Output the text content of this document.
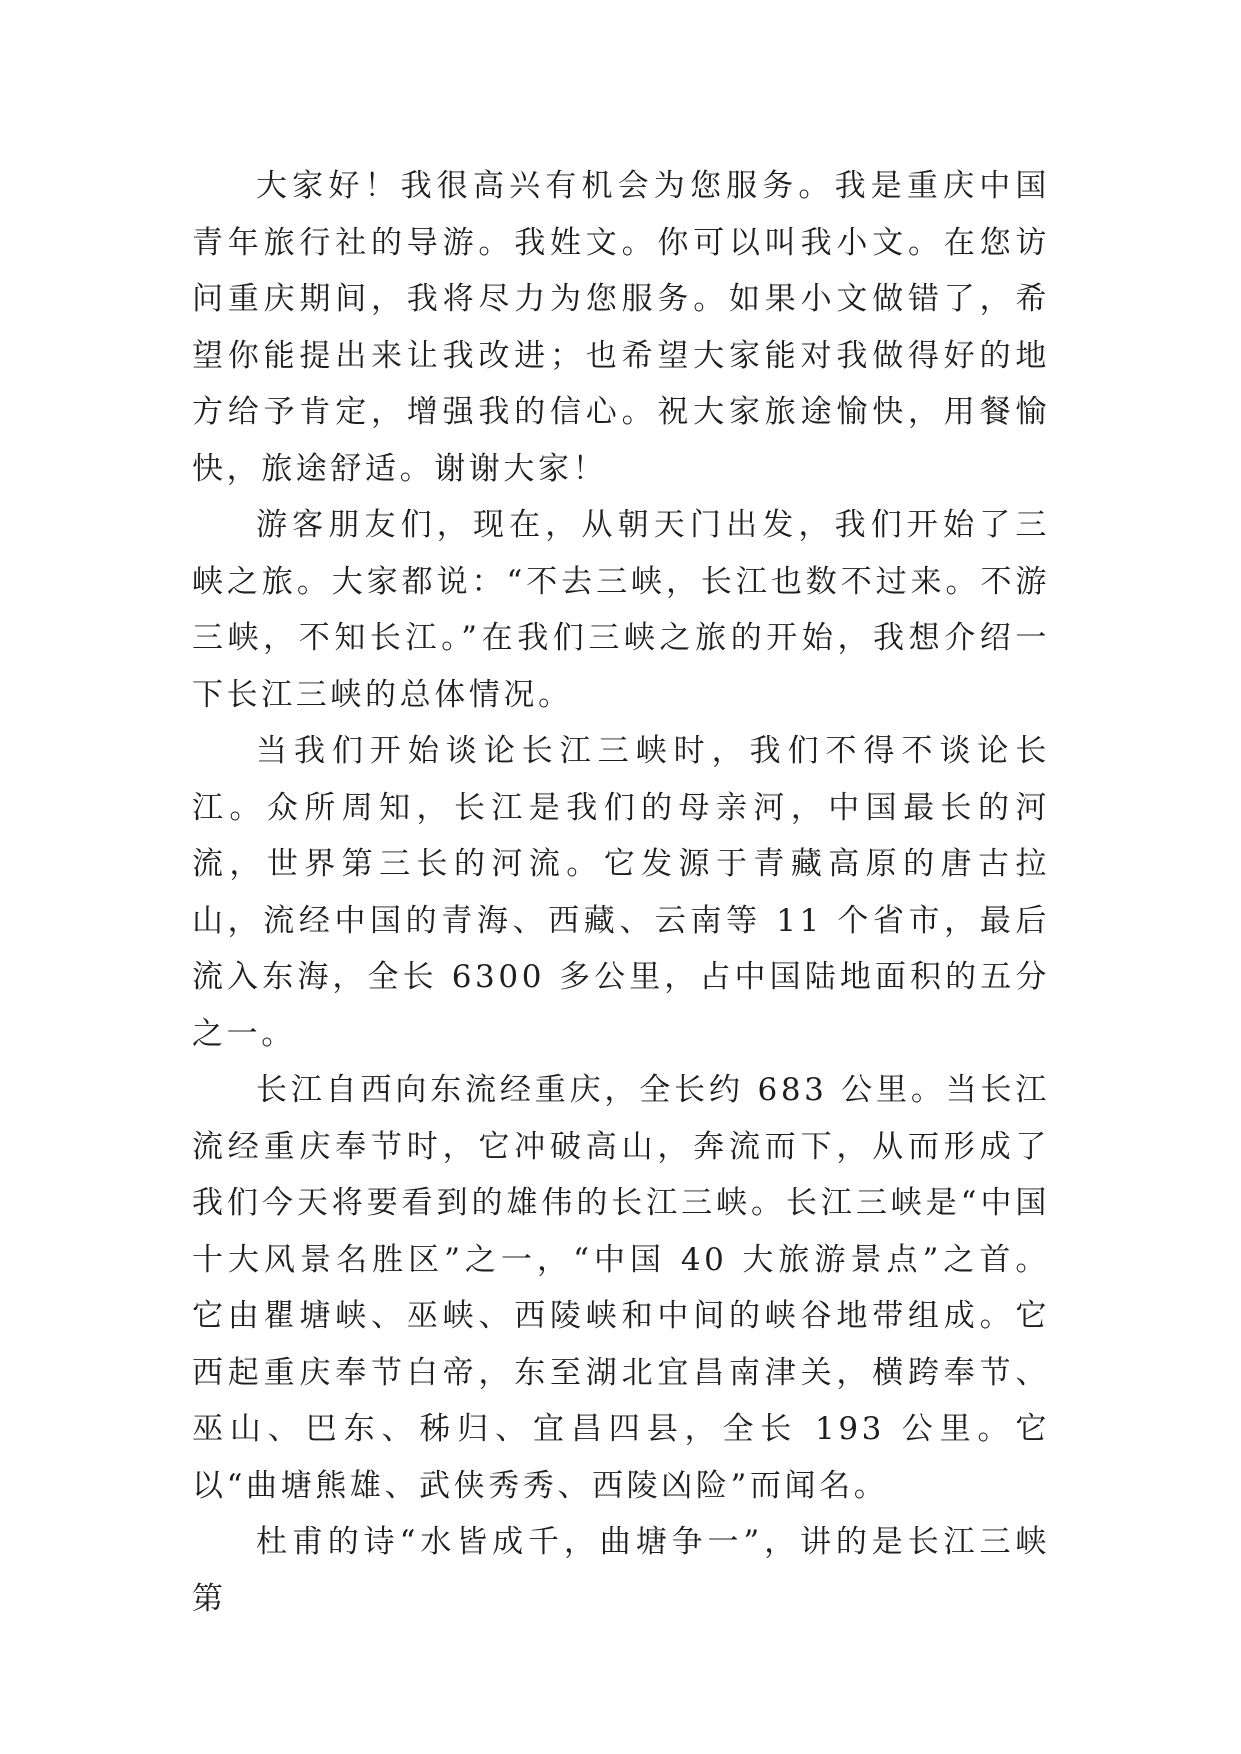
大家好！我很高兴有机会为您服务。我是重庆中国青年旅行社的导游。我姓文。你可以叫我小文。在您访问重庆期间，我将尽力为您服务。如果小文做错了，希望你能提出来让我改进；也希望大家能对我做得好的地方给予肯定，增强我的信心。祝大家旅途愉快，用餐愉快，旅途舒适。谢谢大家！

游客朋友们，现在，从朝天门出发，我们开始了三峡之旅。大家都说：“不去三峡，长江也数不过来。不游三峡，不知长江。”在我们三峡之旅的开始，我想介绍一下长江三峡的总体情况。

当我们开始谈论长江三峡时，我们不得不谈论长江。众所周知，长江是我们的母亲河，中国最长的河流，世界第三长的河流。它发源于青藏高原的唐古拉山，流经中国的青海、西藏、云南等 11 个省市，最后流入东海，全长 6300 多公里，占中国陆地面积的五分之一。

长江自西向东流经重庆，全长约 683 公里。当长江流经重庆奉节时，它冲破高山，奔流而下，从而形成了我们今天将要看到的雄伟的长江三峡。长江三峡是“中国十大风景名胜区”之一，“中国 40 大旅游景点”之首。它由瞿塘峡、巫峡、西陵峡和中间的峡谷地带组成。它西起重庆奉节白帝，东至湖北宜昌南津关，横跨奉节、巫山、巴东、秭归、宜昌四县，全长 193 公里。它以“曲塘熊雄、武侠秀秀、西陵凶险”而闻名。

杜甫的诗“水皆成千，曲塘争一”，讲的是长江三峡第
